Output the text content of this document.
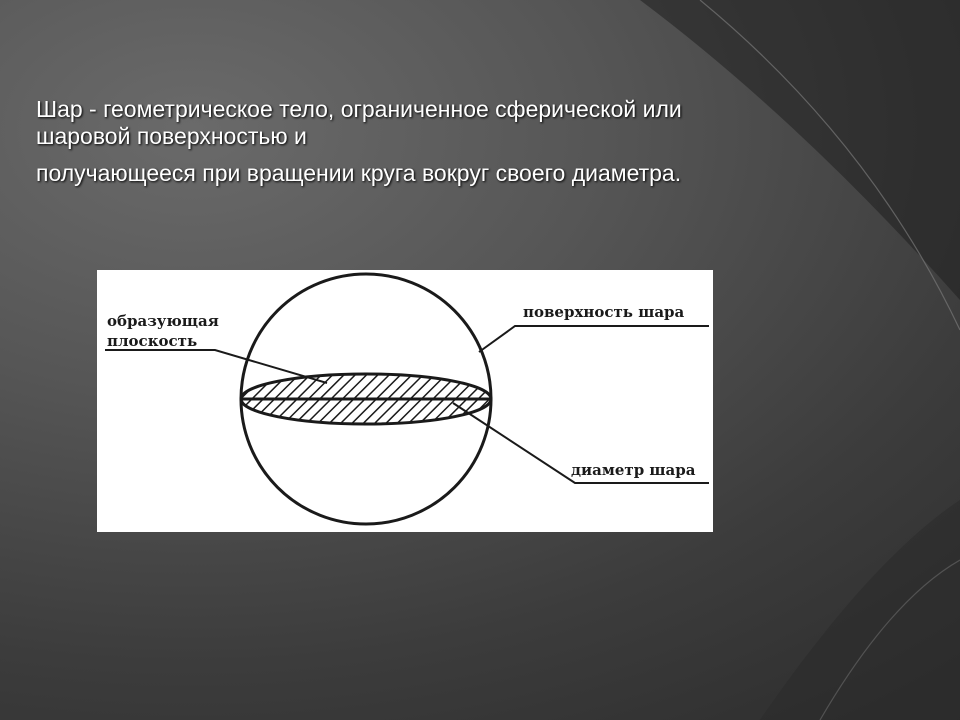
Шар - геометрическое тело, ограниченное сферической или

шаровой поверхностью и

получающееся при вращении круга вокруг своего диаметра.

образующая
плоскость
поверхность шара
диаметр шара
